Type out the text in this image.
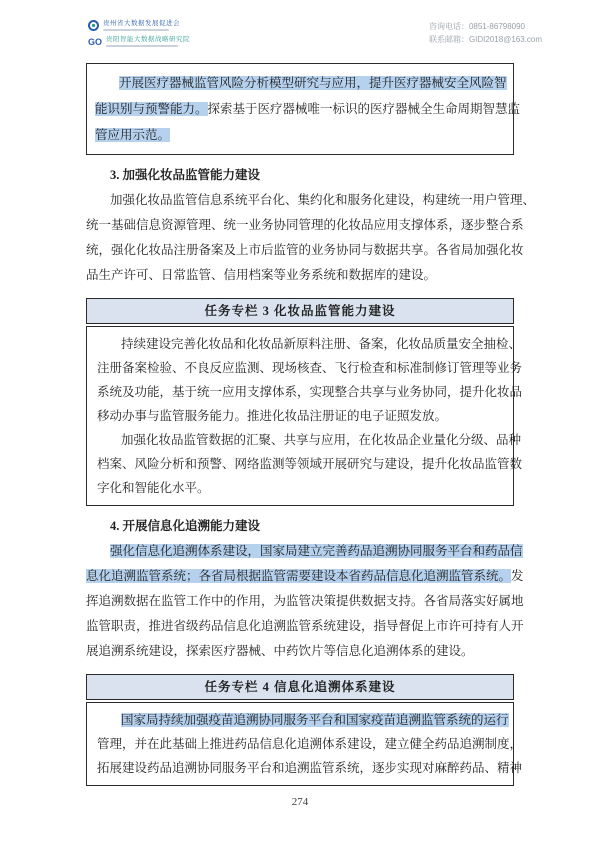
贵州省大数据发展促进会
GO 贵阳智能大数据战略研究院
咨询电话：0851-86798090
联系邮箱：GIDI2018@163.com
开展医疗器械监管风险分析模型研究与应用，提升医疗器械安全风险智
能识别与预警能力。探索基于医疗器械唯一标识的医疗器械全生命周期智慧监
管应用示范。
3. 加强化妆品监管能力建设
加强化妆品监管信息系统平台化、集约化和服务化建设，构建统一用户管理、
统一基础信息资源管理、统一业务协同管理的化妆品应用支撑体系，逐步整合系
统，强化化妆品注册备案及上市后监管的业务协同与数据共享。各省局加强化妆
品生产许可、日常监管、信用档案等业务系统和数据库的建设。
任务专栏 3 化妆品监管能力建设
持续建设完善化妆品和化妆品新原料注册、备案，化妆品质量安全抽检、
注册备案检验、不良反应监测、现场核查、飞行检查和标准制修订管理等业务
系统及功能，基于统一应用支撑体系，实现整合共享与业务协同，提升化妆品
移动办事与监管服务能力。推进化妆品注册证的电子证照发放。
加强化妆品监管数据的汇聚、共享与应用，在化妆品企业量化分级、品种
档案、风险分析和预警、网络监测等领域开展研究与建设，提升化妆品监管数
字化和智能化水平。
4. 开展信息化追溯能力建设
强化信息化追溯体系建设，国家局建立完善药品追溯协同服务平台和药品信
息化追溯监管系统；各省局根据监管需要建设本省药品信息化追溯监管系统。发
挥追溯数据在监管工作中的作用，为监管决策提供数据支持。各省局落实好属地
监管职责，推进省级药品信息化追溯监管系统建设，指导督促上市许可持有人开
展追溯系统建设，探索医疗器械、中药饮片等信息化追溯体系的建设。
任务专栏 4 信息化追溯体系建设
国家局持续加强疫苗追溯协同服务平台和国家疫苗追溯监管系统的运行
管理，并在此基础上推进药品信息化追溯体系建设，建立健全药品追溯制度，
拓展建设药品追溯协同服务平台和追溯监管系统，逐步实现对麻醉药品、精神
274
